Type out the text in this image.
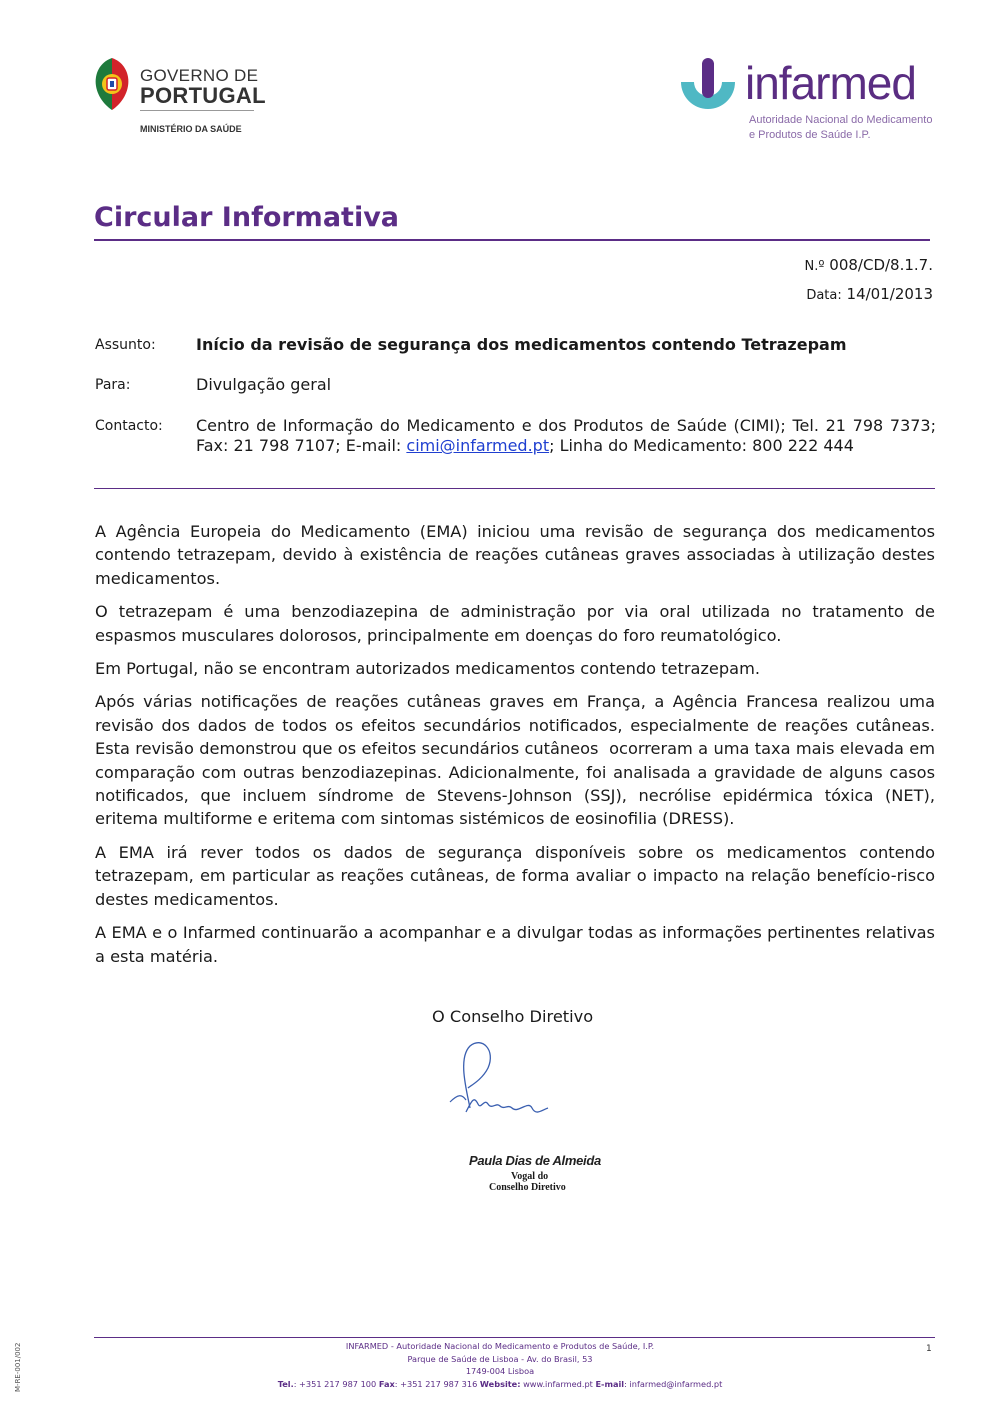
GOVERNO DE
PORTUGAL
MINISTÉRIO DA SAÚDE
infarmed
Autoridade Nacional do Medicamento
e Produtos de Saúde I.P.
Circular Informativa
N.º 008/CD/8.1.7.
Data: 14/01/2013
Assunto:	Início da revisão de segurança dos medicamentos contendo Tetrazepam
Para:	Divulgação geral
Contacto: Centro de Informação do Medicamento e dos Produtos de Saúde (CIMI); Tel. 21 798 7373; Fax: 21 798 7107; E-mail: cimi@infarmed.pt; Linha do Medicamento: 800 222 444

A Agência Europeia do Medicamento (EMA) iniciou uma revisão de segurança dos medicamentos contendo tetrazepam, devido à existência de reações cutâneas graves associadas à utilização destes medicamentos.

O tetrazepam é uma benzodiazepina de administração por via oral utilizada no tratamento de espasmos musculares dolorosos, principalmente em doenças do foro reumatológico.

Em Portugal, não se encontram autorizados medicamentos contendo tetrazepam.

Após várias notificações de reações cutâneas graves em França, a Agência Francesa realizou uma revisão dos dados de todos os efeitos secundários notificados, especialmente de reações cutâneas. Esta revisão demonstrou que os efeitos secundários cutâneos  ocorreram a uma taxa mais elevada em comparação com outras benzodiazepinas. Adicionalmente, foi analisada a gravidade de alguns casos notificados, que incluem síndrome de Stevens-Johnson (SSJ), necrólise epidérmica tóxica (NET), eritema multiforme e eritema com sintomas sistémicos de eosinofilia (DRESS).

A EMA irá rever todos os dados de segurança disponíveis sobre os medicamentos contendo tetrazepam, em particular as reações cutâneas, de forma avaliar o impacto na relação benefício-risco destes medicamentos.

A EMA e o Infarmed continuarão a acompanhar e a divulgar todas as informações pertinentes relativas a esta matéria.

O Conselho Diretivo
Paula Dias de Almeida
Vogal do
Conselho Diretivo
INFARMED - Autoridade Nacional do Medicamento e Produtos de Saúde, I.P.
Parque de Saúde de Lisboa - Av. do Brasil, 53
1749-004 Lisboa
Tel.: +351 217 987 100 Fax: +351 217 987 316 Website: www.infarmed.pt E-mail: infarmed@infarmed.pt
1
M-RE-001/002
